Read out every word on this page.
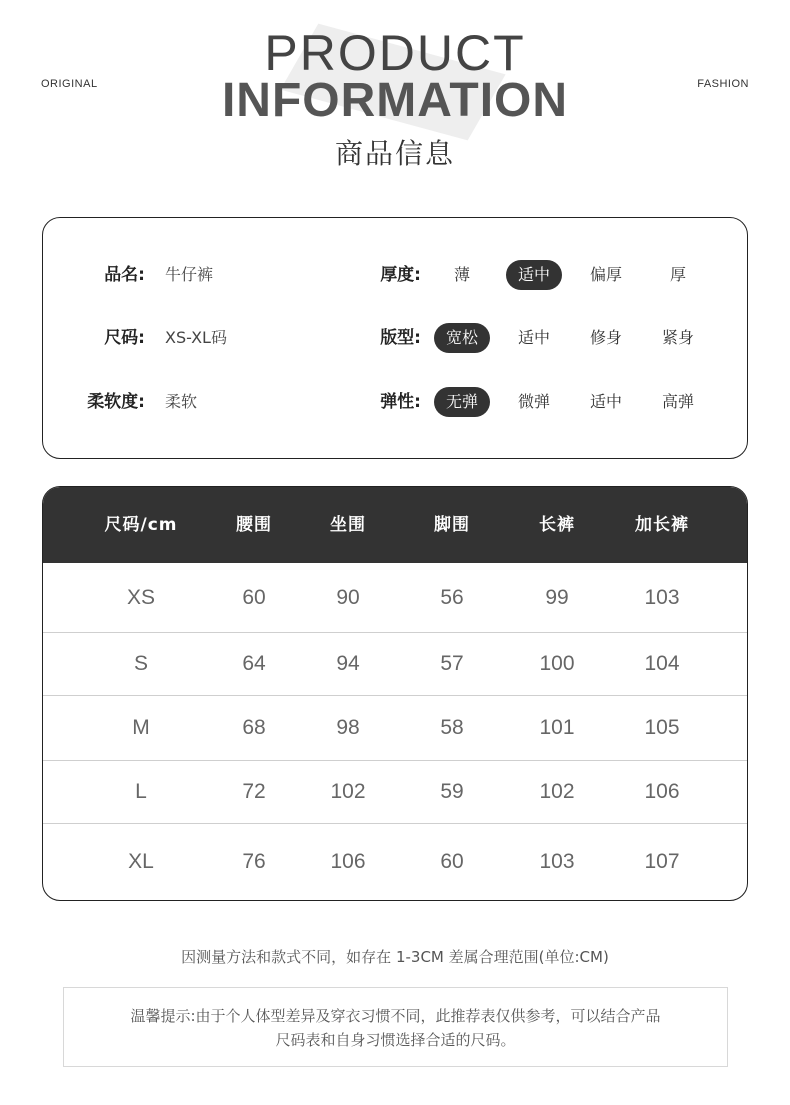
ORIGINAL	FASHION
PRODUCT
INFORMATION
商品信息
品名: 牛仔裤	厚度:	薄	适中	偏厚	厚
尺码: XS-XL码	版型:	宽松	适中	修身	紧身
柔软度: 柔软	弹性:	无弹	微弹	适中	高弹
尺码/cm	腰围	坐围	脚围	长裤	加长裤
XS	60	90	56	99	103
S	64	94	57	100	104
M	68	98	58	101	105
L	72	102	59	102	106
XL	76	106	60	103	107
因测量方法和款式不同，如存在 1-3CM 差属合理范围(单位:CM)
温馨提示:由于个人体型差异及穿衣习惯不同，此推荐表仅供参考，可以结合产品
尺码表和自身习惯选择合适的尺码。
